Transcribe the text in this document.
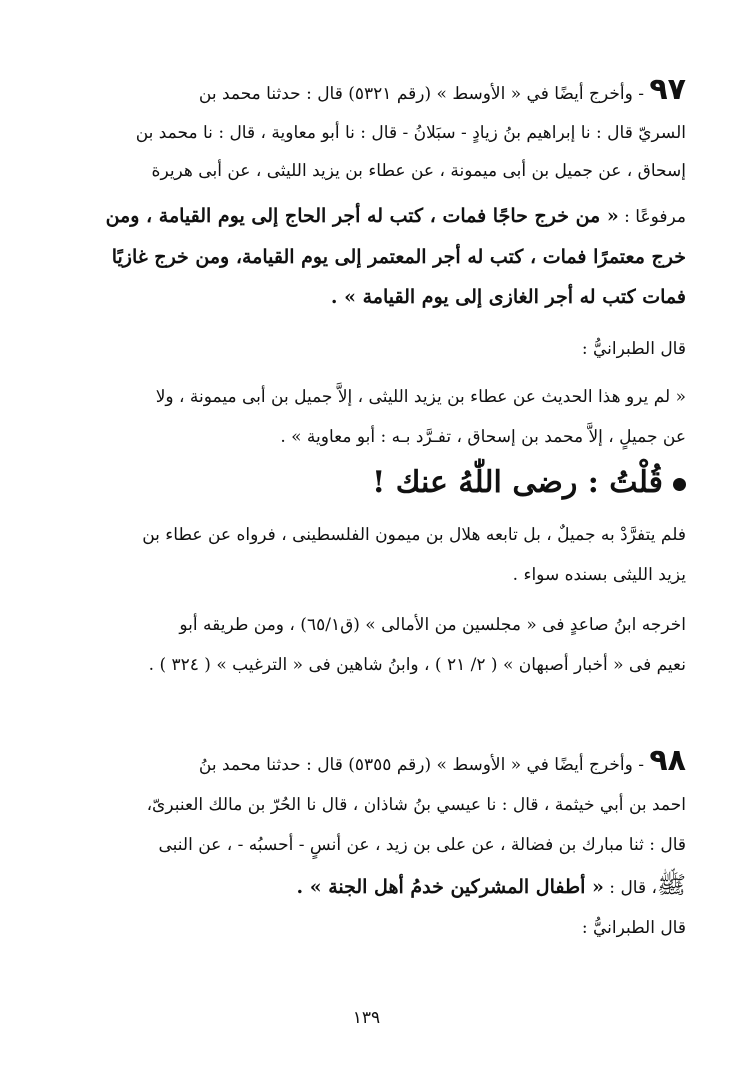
٩٧ - وأخرج أيضًا في « الأوسط » (رقم ٥٣٢١) قال : حدثنا محمد بن
السريّ قال : نا إبراهيم بنُ زيادٍ - سبَلانُ - قال : نا أبو معاوية ، قال : نا محمد بن
إسحاق ، عن جميل بن أبى ميمونة ، عن عطاء بن يزيد الليثى ، عن أبى هريرة
مرفوعًا : « من خرج حاجًا فمات ، كتب له أجر الحاج إلى يوم القيامة ، ومن
خرج معتمرًا فمات ، كتب له أجر المعتمر إلى يوم القيامة، ومن خرج غازيًا
فمات كتب له أجر الغازى إلى يوم القيامة » .
قال الطبرانيُّ :
« لم يرو هذا الحديث عن عطاء بن يزيد الليثى ، إلاَّ جميل بن أبى ميمونة ، ولا
عن جميلٍ ، إلاَّ محمد بن إسحاق ، تفـرَّد بـه : أبو معاوية » .
قُلْتُ : رضى اللّٰهُ عنك !
فلم يتفرَّدْ به جميلٌ ، بل تابعه هلال بن ميمون الفلسطينى ، فرواه عن عطاء بن
يزيد الليثى بسنده سواء .
اخرجه ابنُ صاعدٍ فى « مجلسين من الأمالى » (ق٦٥/١) ، ومن طريقه أبو
نعيم فى « أخبار أصبهان » ( ٢/ ٢١ ) ، وابنُ شاهين فى « الترغيب » ( ٣٢٤ ) .
٩٨ - وأخرج أيضًا في « الأوسط » (رقم ٥٣٥٥) قال : حدثنا محمد بنُ
احمد بن أبي خيثمة ، قال : نا عيسي بنُ شاذان ، قال نا الحُرّ بن مالك العنبرىّ،
قال : ثنا مبارك بن فضالة ، عن على بن زيد ، عن أنسٍ - أحسبُه - ، عن النبى
ﷺ، قال : « أطفال المشركين خدمُ أهل الجنة » .
قال الطبرانيُّ :
١٣٩
